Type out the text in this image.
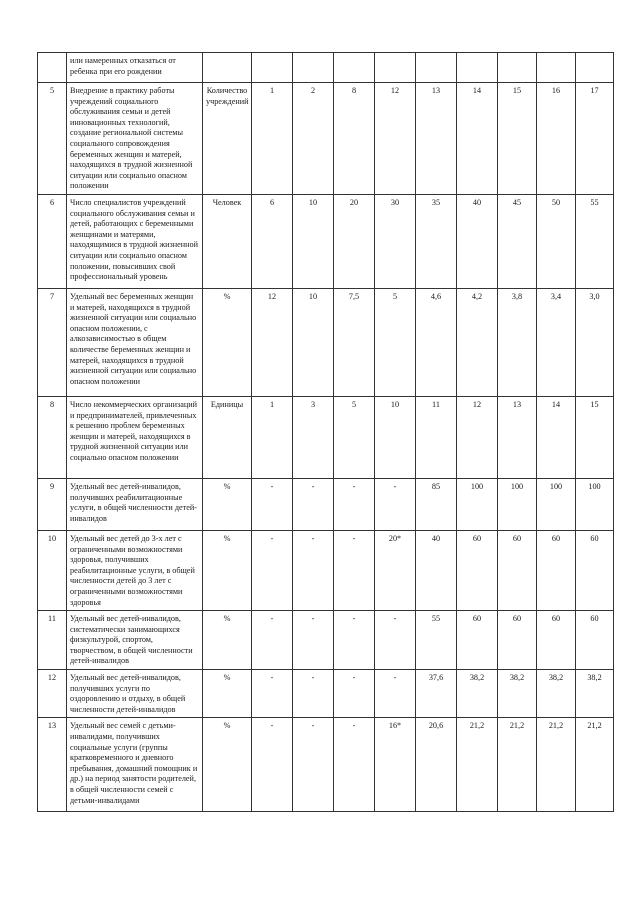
	или намеренных отказаться от ребенка при его рождении										
5	Внедрение в практику работы учреждений социального обслуживания семьи и детей инновационных технологий, создание региональной системы социального сопровождения беременных женщин и матерей, находящихся в трудной жизненной ситуации или социально опасном положении	Количество учреждений	1	2	8	12	13	14	15	16	17
6	Число специалистов учреждений социального обслуживания семьи и детей, работающих с беременными женщинами и матерями, находящимися в трудной жизненной ситуации или социально опасном положении, повысивших свой профессиональный уровень	Человек	6	10	20	30	35	40	45	50	55
7	Удельный вес беременных женщин и матерей, находящихся в трудной жизненной ситуации или социально опасном положении, с алкозависимостью в общем количестве беременных женщин и матерей, находящихся в трудной жизненной ситуации или социально опасном положении	%	12	10	7,5	5	4,6	4,2	3,8	3,4	3,0
8	Число некоммерческих организаций и предпринимателей, привлеченных к решению проблем беременных женщин и матерей, находящихся в трудной жизненной ситуации или социально опасном положении	Единицы	1	3	5	10	11	12	13	14	15
9	Удельный вес детей-инвалидов, получивших реабилитационные услуги, в общей численности детей-инвалидов	%	-	-	-	-	85	100	100	100	100
10	Удельный вес детей до 3-х лет с ограниченными возможностями здоровья, получивших реабилитационные услуги, в общей численности детей до 3 лет с ограниченными возможностями здоровья	%	-	-	-	20*	40	60	60	60	60
11	Удельный вес детей-инвалидов, систематически занимающихся физкультурой, спортом, творчеством, в общей численности детей-инвалидов	%	-	-	-	-	55	60	60	60	60
12	Удельный вес детей-инвалидов, получивших услуги по оздоровлению и отдыху, в общей численности детей-инвалидов	%	-	-	-	-	37,6	38,2	38,2	38,2	38,2
13	Удельный вес семей с детьми-инвалидами, получивших социальные услуги (группы кратковременного и дневного пребывания, домашний помощник и др.) на период занятости родителей, в общей численности семей с детьми-инвалидами	%	-	-	-	16*	20,6	21,2	21,2	21,2	21,2
